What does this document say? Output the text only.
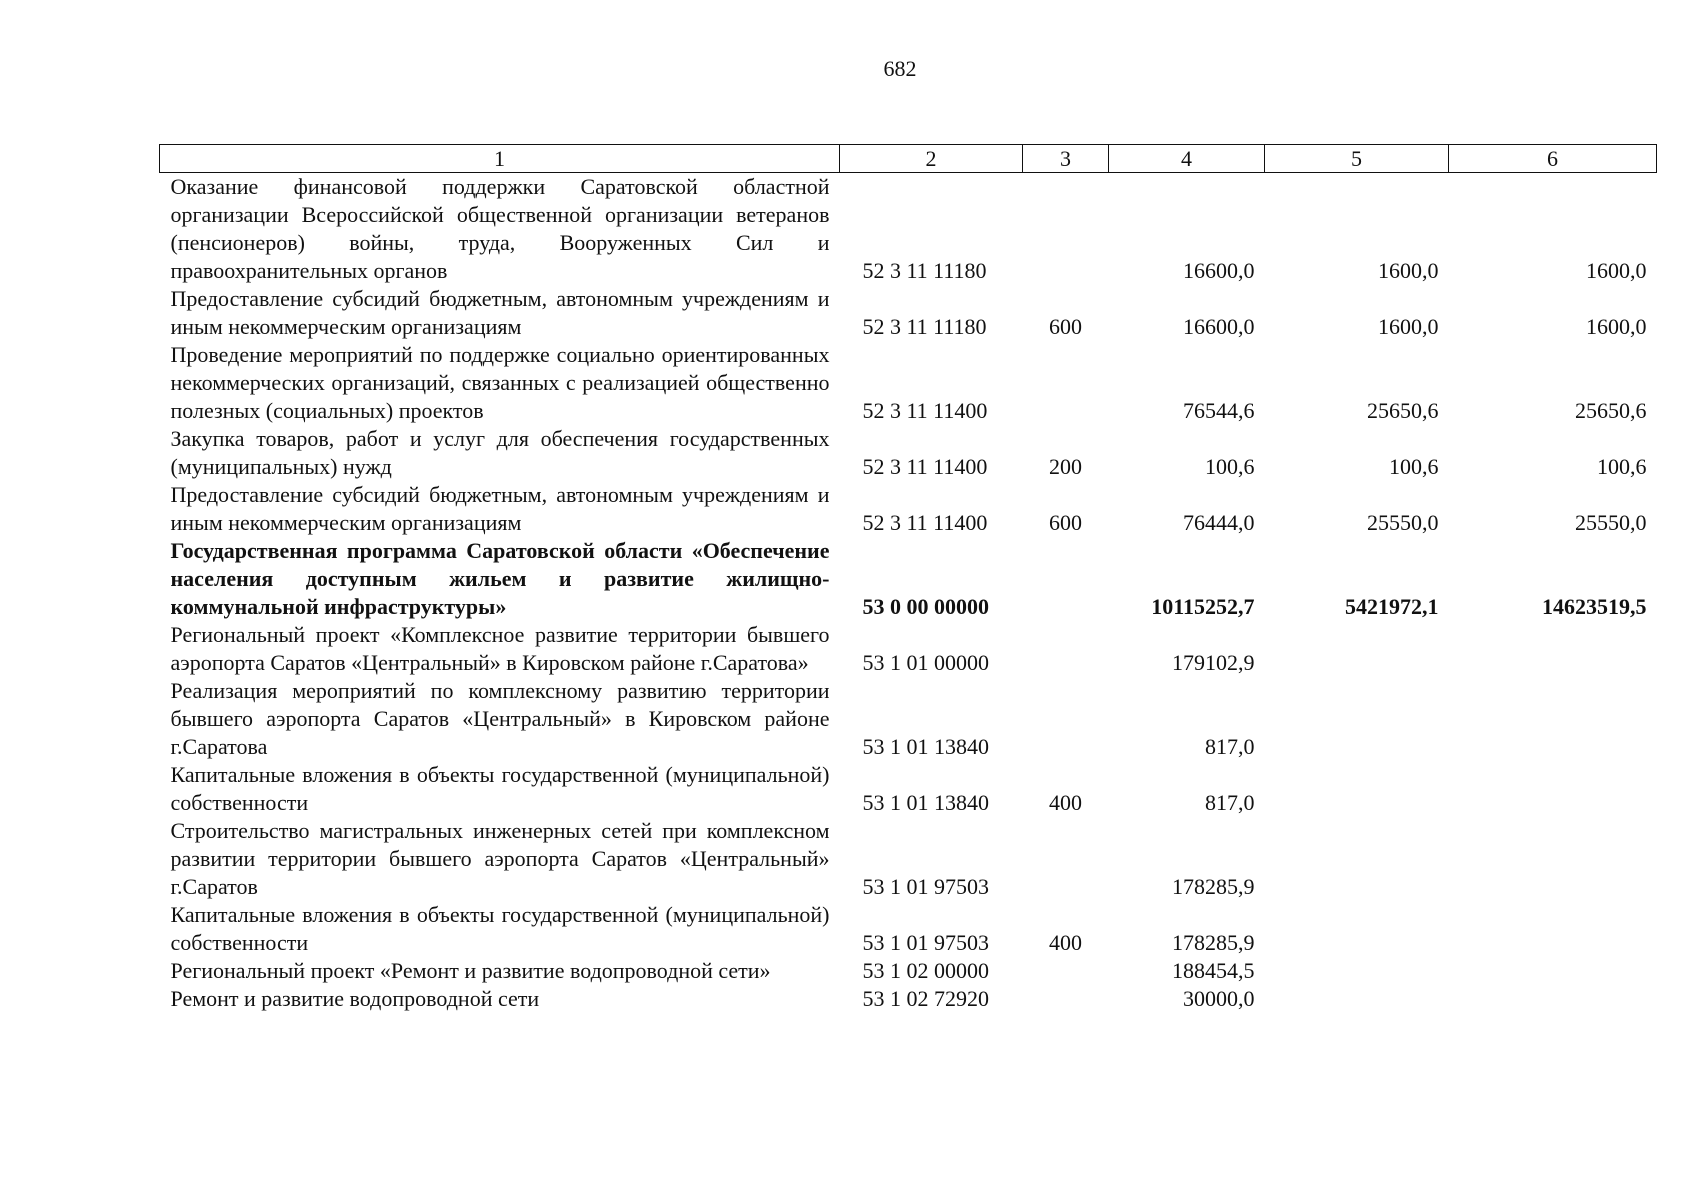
682
1	2	3	4	5	6
Оказание финансовой поддержки Саратовской областной организации Всероссийской общественной организации ветеранов (пенсионеров) войны, труда, Вооруженных Сил и правоохранительных органов	52 3 11 11180		16600,0	1600,0	1600,0
Предоставление субсидий бюджетным, автономным учреждениям и иным некоммерческим организациям	52 3 11 11180	600	16600,0	1600,0	1600,0
Проведение мероприятий по поддержке социально ориентированных некоммерческих организаций, связанных с реализацией общественно полезных (социальных) проектов	52 3 11 11400		76544,6	25650,6	25650,6
Закупка товаров, работ и услуг для обеспечения государственных (муниципальных) нужд	52 3 11 11400	200	100,6	100,6	100,6
Предоставление субсидий бюджетным, автономным учреждениям и иным некоммерческим организациям	52 3 11 11400	600	76444,0	25550,0	25550,0
Государственная программа Саратовской области «Обеспечение населения доступным жильем и развитие жилищно-коммунальной инфраструктуры»	53 0 00 00000		10115252,7	5421972,1	14623519,5
Региональный проект «Комплексное развитие территории бывшего аэропорта Саратов «Центральный» в Кировском районе г.Саратова»	53 1 01 00000		179102,9		
Реализация мероприятий по комплексному развитию территории бывшего аэропорта Саратов «Центральный» в Кировском районе г.Саратова	53 1 01 13840		817,0		
Капитальные вложения в объекты государственной (муниципальной) собственности	53 1 01 13840	400	817,0		
Строительство магистральных инженерных сетей при комплексном развитии территории бывшего аэропорта Саратов «Центральный» г.Саратов	53 1 01 97503		178285,9		
Капитальные вложения в объекты государственной (муниципальной) собственности	53 1 01 97503	400	178285,9		
Региональный проект «Ремонт и развитие водопроводной сети»	53 1 02 00000		188454,5		
Ремонт и развитие водопроводной сети	53 1 02 72920		30000,0		
